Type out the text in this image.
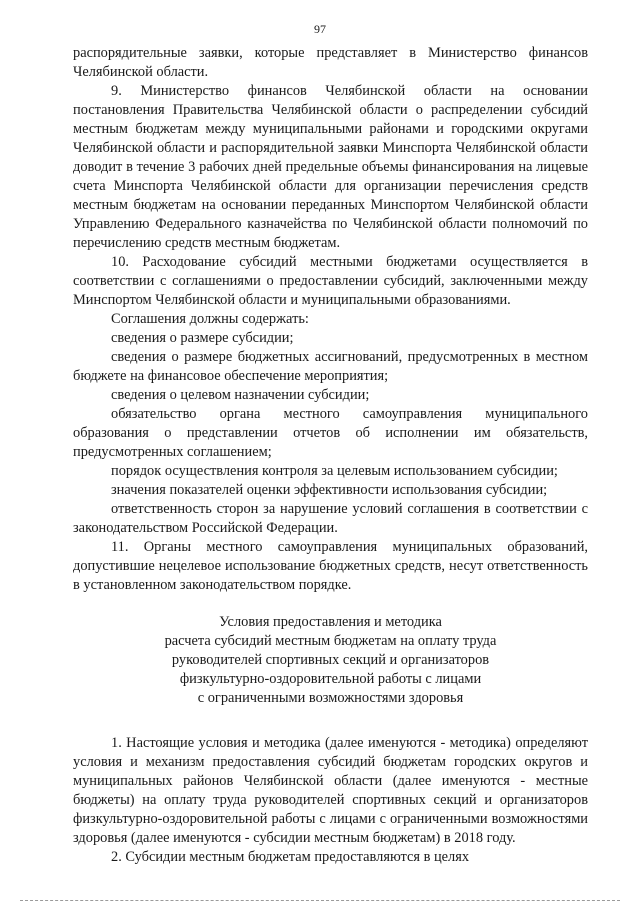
97

распорядительные заявки, которые представляет в Министерство финансов Челябинской области.

9. Министерство финансов Челябинской области на основании постановления Правительства Челябинской области о распределении субсидий местным бюджетам между муниципальными районами и городскими округами Челябинской области и распорядительной заявки Минспорта Челябинской области доводит в течение 3 рабочих дней предельные объемы финансирования на лицевые счета Минспорта Челябинской области для организации перечисления средств местным бюджетам на основании переданных Минспортом Челябинской области Управлению Федерального казначейства по Челябинской области полномочий по перечислению средств местным бюджетам.

10. Расходование субсидий местными бюджетами осуществляется в соответствии с соглашениями о предоставлении субсидий, заключенными между Минспортом Челябинской области и муниципальными образованиями.

Соглашения должны содержать:

сведения о размере субсидии;

сведения о размере бюджетных ассигнований, предусмотренных в местном бюджете на финансовое обеспечение мероприятия;

сведения о целевом назначении субсидии;

обязательство органа местного самоуправления муниципального образования о представлении отчетов об исполнении им обязательств, предусмотренных соглашением;

порядок осуществления контроля за целевым использованием субсидии;

значения показателей оценки эффективности использования субсидии;

ответственность сторон за нарушение условий соглашения в соответствии с законодательством Российской Федерации.

11. Органы местного самоуправления муниципальных образований, допустившие нецелевое использование бюджетных средств, несут ответственность в установленном законодательством порядке.

Условия предоставления и методика
расчета субсидий местным бюджетам на оплату труда
руководителей спортивных секций и организаторов
физкультурно-оздоровительной работы с лицами
с ограниченными возможностями здоровья

1. Настоящие условия и методика (далее именуются - методика) определяют условия и механизм предоставления субсидий бюджетам городских округов и муниципальных районов Челябинской области (далее именуются - местные бюджеты) на оплату труда руководителей спортивных секций и организаторов физкультурно-оздоровительной работы с лицами с ограниченными возможностями здоровья (далее именуются - субсидии местным бюджетам) в 2018 году.

2. Субсидии местным бюджетам предоставляются в целях
